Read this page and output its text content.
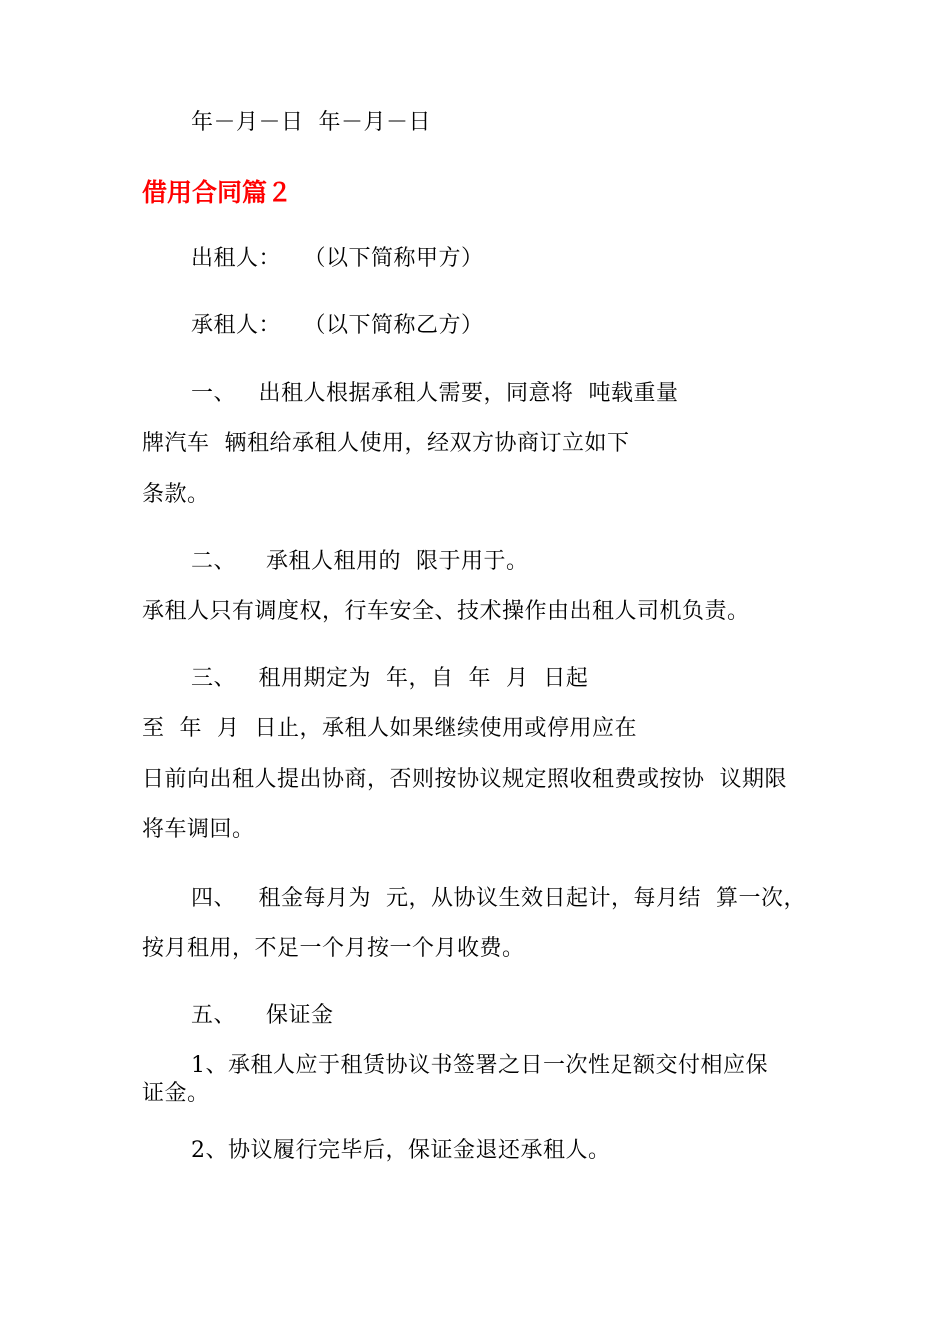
年－月－日  年－月－日
借用合同篇２
出租人：   （以下简称甲方）
承租人：   （以下简称乙方）
一、   出租人根据承租人需要，同意将  吨载重量
牌汽车  辆租给承租人使用，经双方协商订立如下
条款。
二、    承租人租用的  限于用于。
承租人只有调度权，行车安全、技术操作由出租人司机负责。
三、   租用期定为  年，自  年  月  日起
至  年  月  日止，承租人如果继续使用或停用应在
日前向出租人提出协商，否则按协议规定照收租费或按协  议期限
将车调回。
四、   租金每月为  元，从协议生效日起计，每月结  算一次，
按月租用，不足一个月按一个月收费。
五、    保证金
1、承租人应于租赁协议书签署之日一次性足额交付相应保
证金。
2、协议履行完毕后，保证金退还承租人。
